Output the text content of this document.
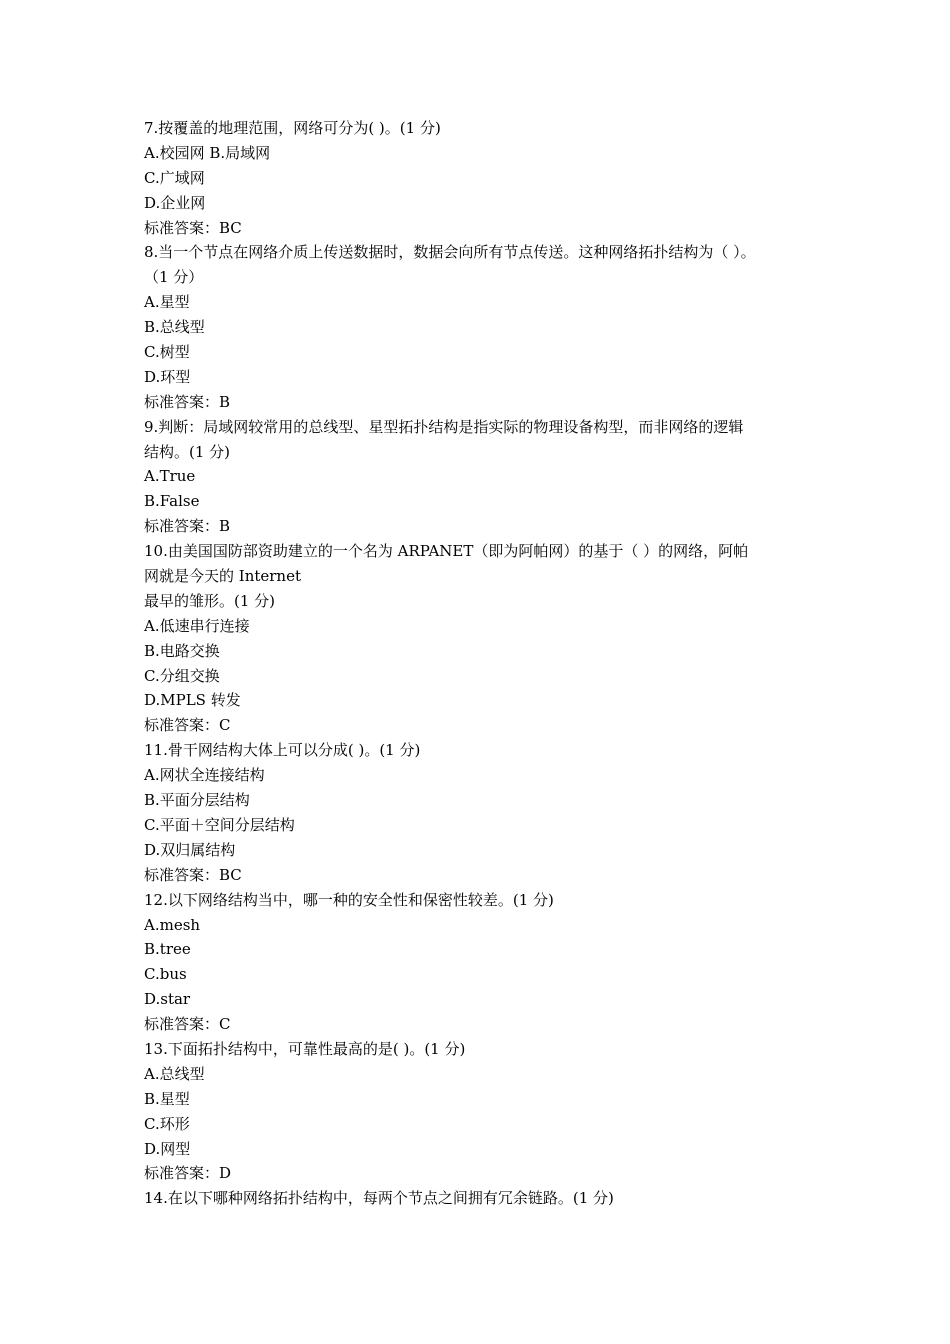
7.按覆盖的地理范围，网络可分为( )。(1 分)
A.校园网 B.局域网
C.广域网
D.企业网
标准答案：BC
8.当一个节点在网络介质上传送数据时，数据会向所有节点传送。这种网络拓扑结构为（ ）。
（1 分）
A.星型
B.总线型
C.树型
D.环型
标准答案：B
9.判断：局域网较常用的总线型、星型拓扑结构是指实际的物理设备构型，而非网络的逻辑
结构。(1 分)
A.True
B.False
标准答案：B
10.由美国国防部资助建立的一个名为 ARPANET（即为阿帕网）的基于（ ）的网络，阿帕
网就是今天的 Internet
最早的雏形。(1 分)
A.低速串行连接
B.电路交换
C.分组交换
D.MPLS 转发
标准答案：C
11.骨干网结构大体上可以分成( )。(1 分)
A.网状全连接结构
B.平面分层结构
C.平面＋空间分层结构
D.双归属结构
标准答案：BC
12.以下网络结构当中，哪一种的安全性和保密性较差。(1 分)
A.mesh
B.tree
C.bus
D.star
标准答案：C
13.下面拓扑结构中，可靠性最高的是( )。(1 分)
A.总线型
B.星型
C.环形
D.网型
标准答案：D
14.在以下哪种网络拓扑结构中，每两个节点之间拥有冗余链路。(1 分)
